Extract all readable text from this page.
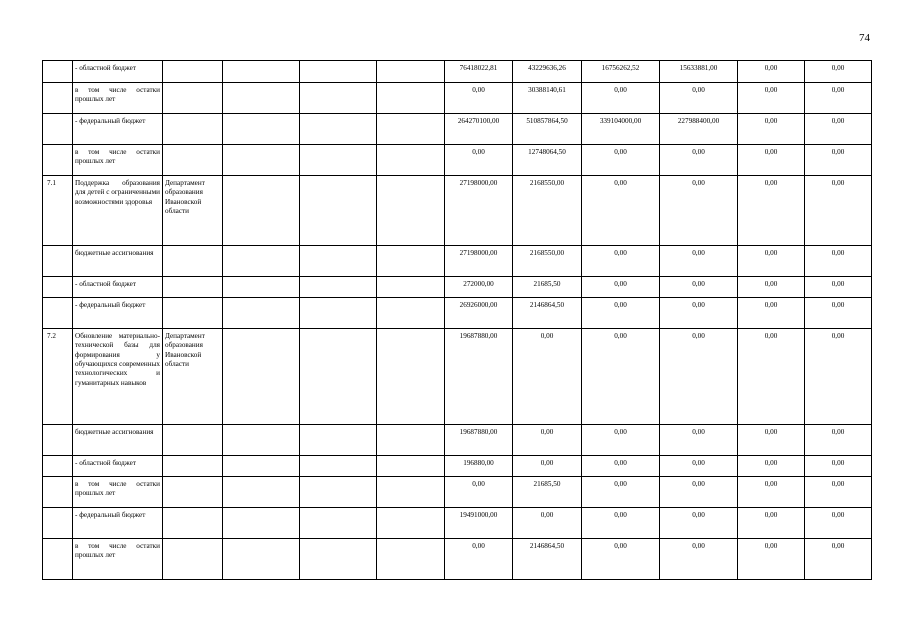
74
	- областной бюджет					76418022,81	43229636,26	16756262,52	15633881,00	0,00	0,00
	в том числе остатки прошлых лет					0,00	30388140,61	0,00	0,00	0,00	0,00
	- федеральный бюджет					264270100,00	510857864,50	339104000,00	227988400,00	0,00	0,00
	в том числе остатки прошлых лет					0,00	12748064,50	0,00	0,00	0,00	0,00
7.1	Поддержка образования для детей с ограниченными возможностями здоровья	Департамент образования Ивановской области				27198000,00	2168550,00	0,00	0,00	0,00	0,00
	бюджетные ассигнования					27198000,00	2168550,00	0,00	0,00	0,00	0,00
	- областной бюджет					272000,00	21685,50	0,00	0,00	0,00	0,00
	- федеральный бюджет					26926000,00	2146864,50	0,00	0,00	0,00	0,00
7.2	Обновление материально-технической базы для формирования у обучающихся современных технологических и гуманитарных навыков	Департамент образования Ивановской области				19687880,00	0,00	0,00	0,00	0,00	0,00
	бюджетные ассигнования					19687880,00	0,00	0,00	0,00	0,00	0,00
	- областной бюджет					196880,00	0,00	0,00	0,00	0,00	0,00
	в том числе остатки прошлых лет					0,00	21685,50	0,00	0,00	0,00	0,00
	- федеральный бюджет					19491000,00	0,00	0,00	0,00	0,00	0,00
	в том числе остатки прошлых лет					0,00	2146864,50	0,00	0,00	0,00	0,00
